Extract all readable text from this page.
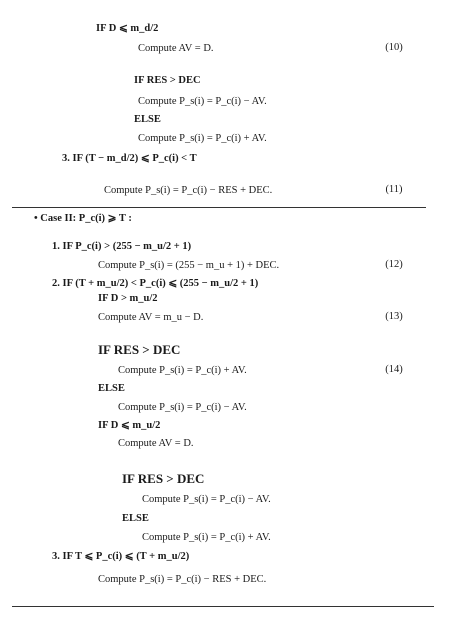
IF D ⩽ m_d/2
Compute AV = D.	(10)
IF RES > DEC
Compute P_s(i) = P_c(i) − AV.
ELSE
Compute P_s(i) = P_c(i) + AV.
3. IF (T − m_d/2) ⩽ P_c(i) < T
Compute P_s(i) = P_c(i) − RES + DEC.	(11)
• Case II: P_c(i) ⩾ T :
1. IF P_c(i) > (255 − m_u/2 + 1)
Compute P_s(i) = (255 − m_u + 1) + DEC.	(12)
2. IF (T + m_u/2) < P_c(i) ⩽ (255 − m_u/2 + 1)
IF D > m_u/2
Compute AV = m_u − D.	(13)
IF RES > DEC
Compute P_s(i) = P_c(i) + AV.	(14)
ELSE
Compute P_s(i) = P_c(i) − AV.
IF D ⩽ m_u/2
Compute AV = D.
IF RES > DEC
Compute P_s(i) = P_c(i) − AV.
ELSE
Compute P_s(i) = P_c(i) + AV.
3. IF T ⩽ P_c(i) ⩽ (T + m_u/2)
Compute P_s(i) = P_c(i) − RES + DEC.
